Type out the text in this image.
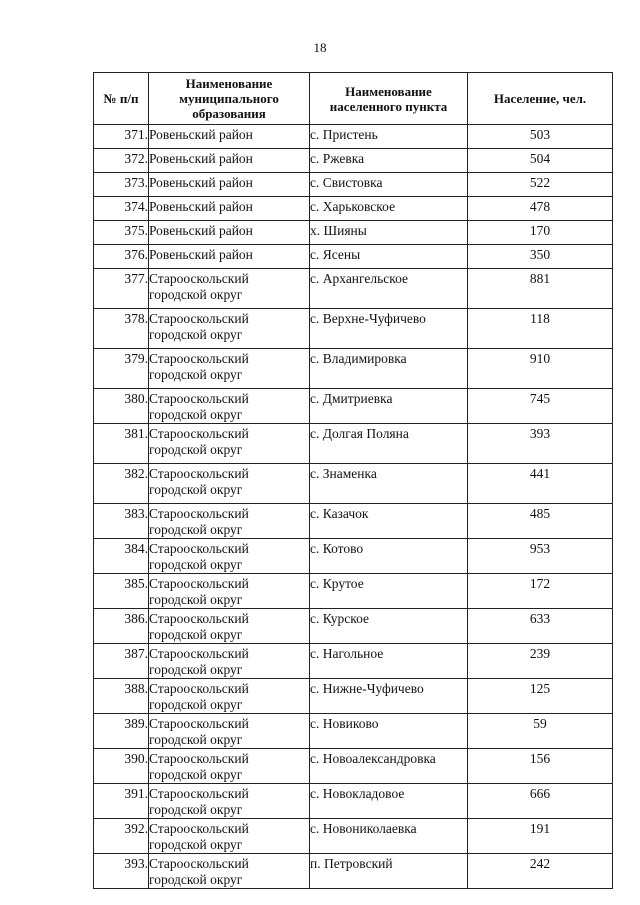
18
№ п/п	Наименование муниципального образования	Наименование населенного пункта	Население, чел.
371.	Ровеньский район	с. Пристень	503
372.	Ровеньский район	с. Ржевка	504
373.	Ровеньский район	с. Свистовка	522
374.	Ровеньский район	с. Харьковское	478
375.	Ровеньский район	х. Шияны	170
376.	Ровеньский район	с. Ясены	350
377.	Старооскольский городской округ	с. Архангельское	881
378.	Старооскольский городской округ	с. Верхне-Чуфичево	118
379.	Старооскольский городской округ	с. Владимировка	910
380.	Старооскольский городской округ	с. Дмитриевка	745
381.	Старооскольский городской округ	с. Долгая Поляна	393
382.	Старооскольский городской округ	с. Знаменка	441
383.	Старооскольский городской округ	с. Казачок	485
384.	Старооскольский городской округ	с. Котово	953
385.	Старооскольский городской округ	с. Крутое	172
386.	Старооскольский городской округ	с. Курское	633
387.	Старооскольский городской округ	с. Нагольное	239
388.	Старооскольский городской округ	с. Нижне-Чуфичево	125
389.	Старооскольский городской округ	с. Новиково	59
390.	Старооскольский городской округ	с. Новоалександровка	156
391.	Старооскольский городской округ	с. Новокладовое	666
392.	Старооскольский городской округ	с. Новониколаевка	191
393.	Старооскольский городской округ	п. Петровский	242
